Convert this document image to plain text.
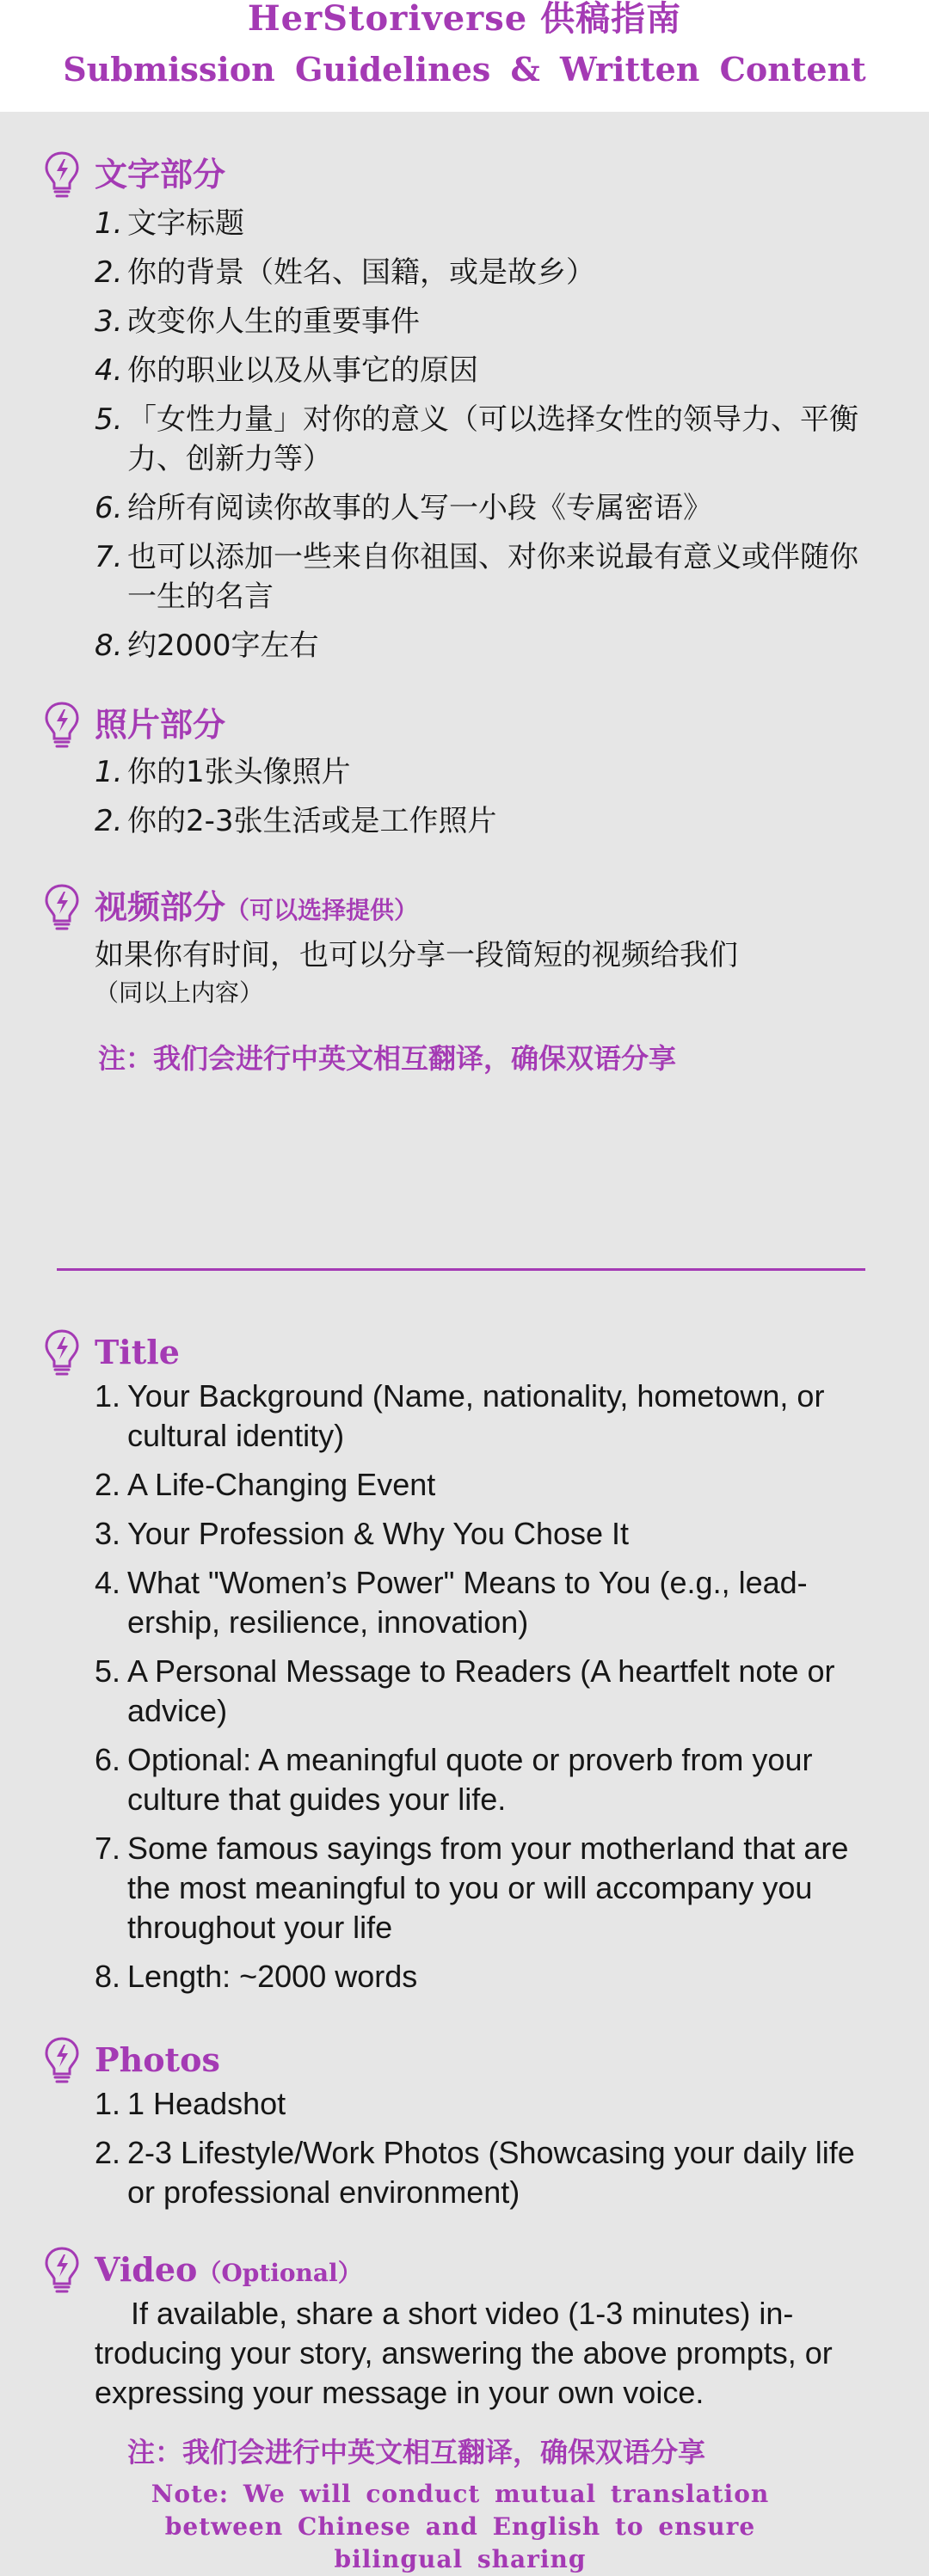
HerStoriverse 供稿指南
Submission Guidelines & Written Content
文字部分
1. 文字标题
2. 你的背景（姓名、国籍，或是故乡）
3. 改变你人生的重要事件
4. 你的职业以及从事它的原因
5. 「女性力量」对你的意义（可以选择女性的领导力、平衡力、创新力等）
6. 给所有阅读你故事的人写一小段《专属密语》
7. 也可以添加一些来自你祖国、对你来说最有意义或伴随你一生的名言
8. 约2000字左右
照片部分
1. 你的1张头像照片
2. 你的2-3张生活或是工作照片
视频部分（可以选择提供）
如果你有时间，也可以分享一段简短的视频给我们
（同以上内容）
注：我们会进行中英文相互翻译，确保双语分享
Title
1. Your Background (Name, nationality, hometown, or cultural identity)
2. A Life-Changing Event
3. Your Profession & Why You Chose It
4. What "Women’s Power" Means to You (e.g., lead-ership, resilience, innovation)
5. A Personal Message to Readers (A heartfelt note or advice)
6. Optional: A meaningful quote or proverb from your culture that guides your life.
7. Some famous sayings from your motherland that are the most meaningful to you or will accompany you throughout your life
8. Length: ~2000 words
Photos
1. 1 Headshot
2. 2-3 Lifestyle/Work Photos (Showcasing your daily life or professional environment)
Video（Optional）
If available, share a short video (1-3 minutes) in-troducing your story, answering the above prompts, or expressing your message in your own voice.
注：我们会进行中英文相互翻译，确保双语分享
Note: We will conduct mutual translation between Chinese and English to ensure bilingual sharing
